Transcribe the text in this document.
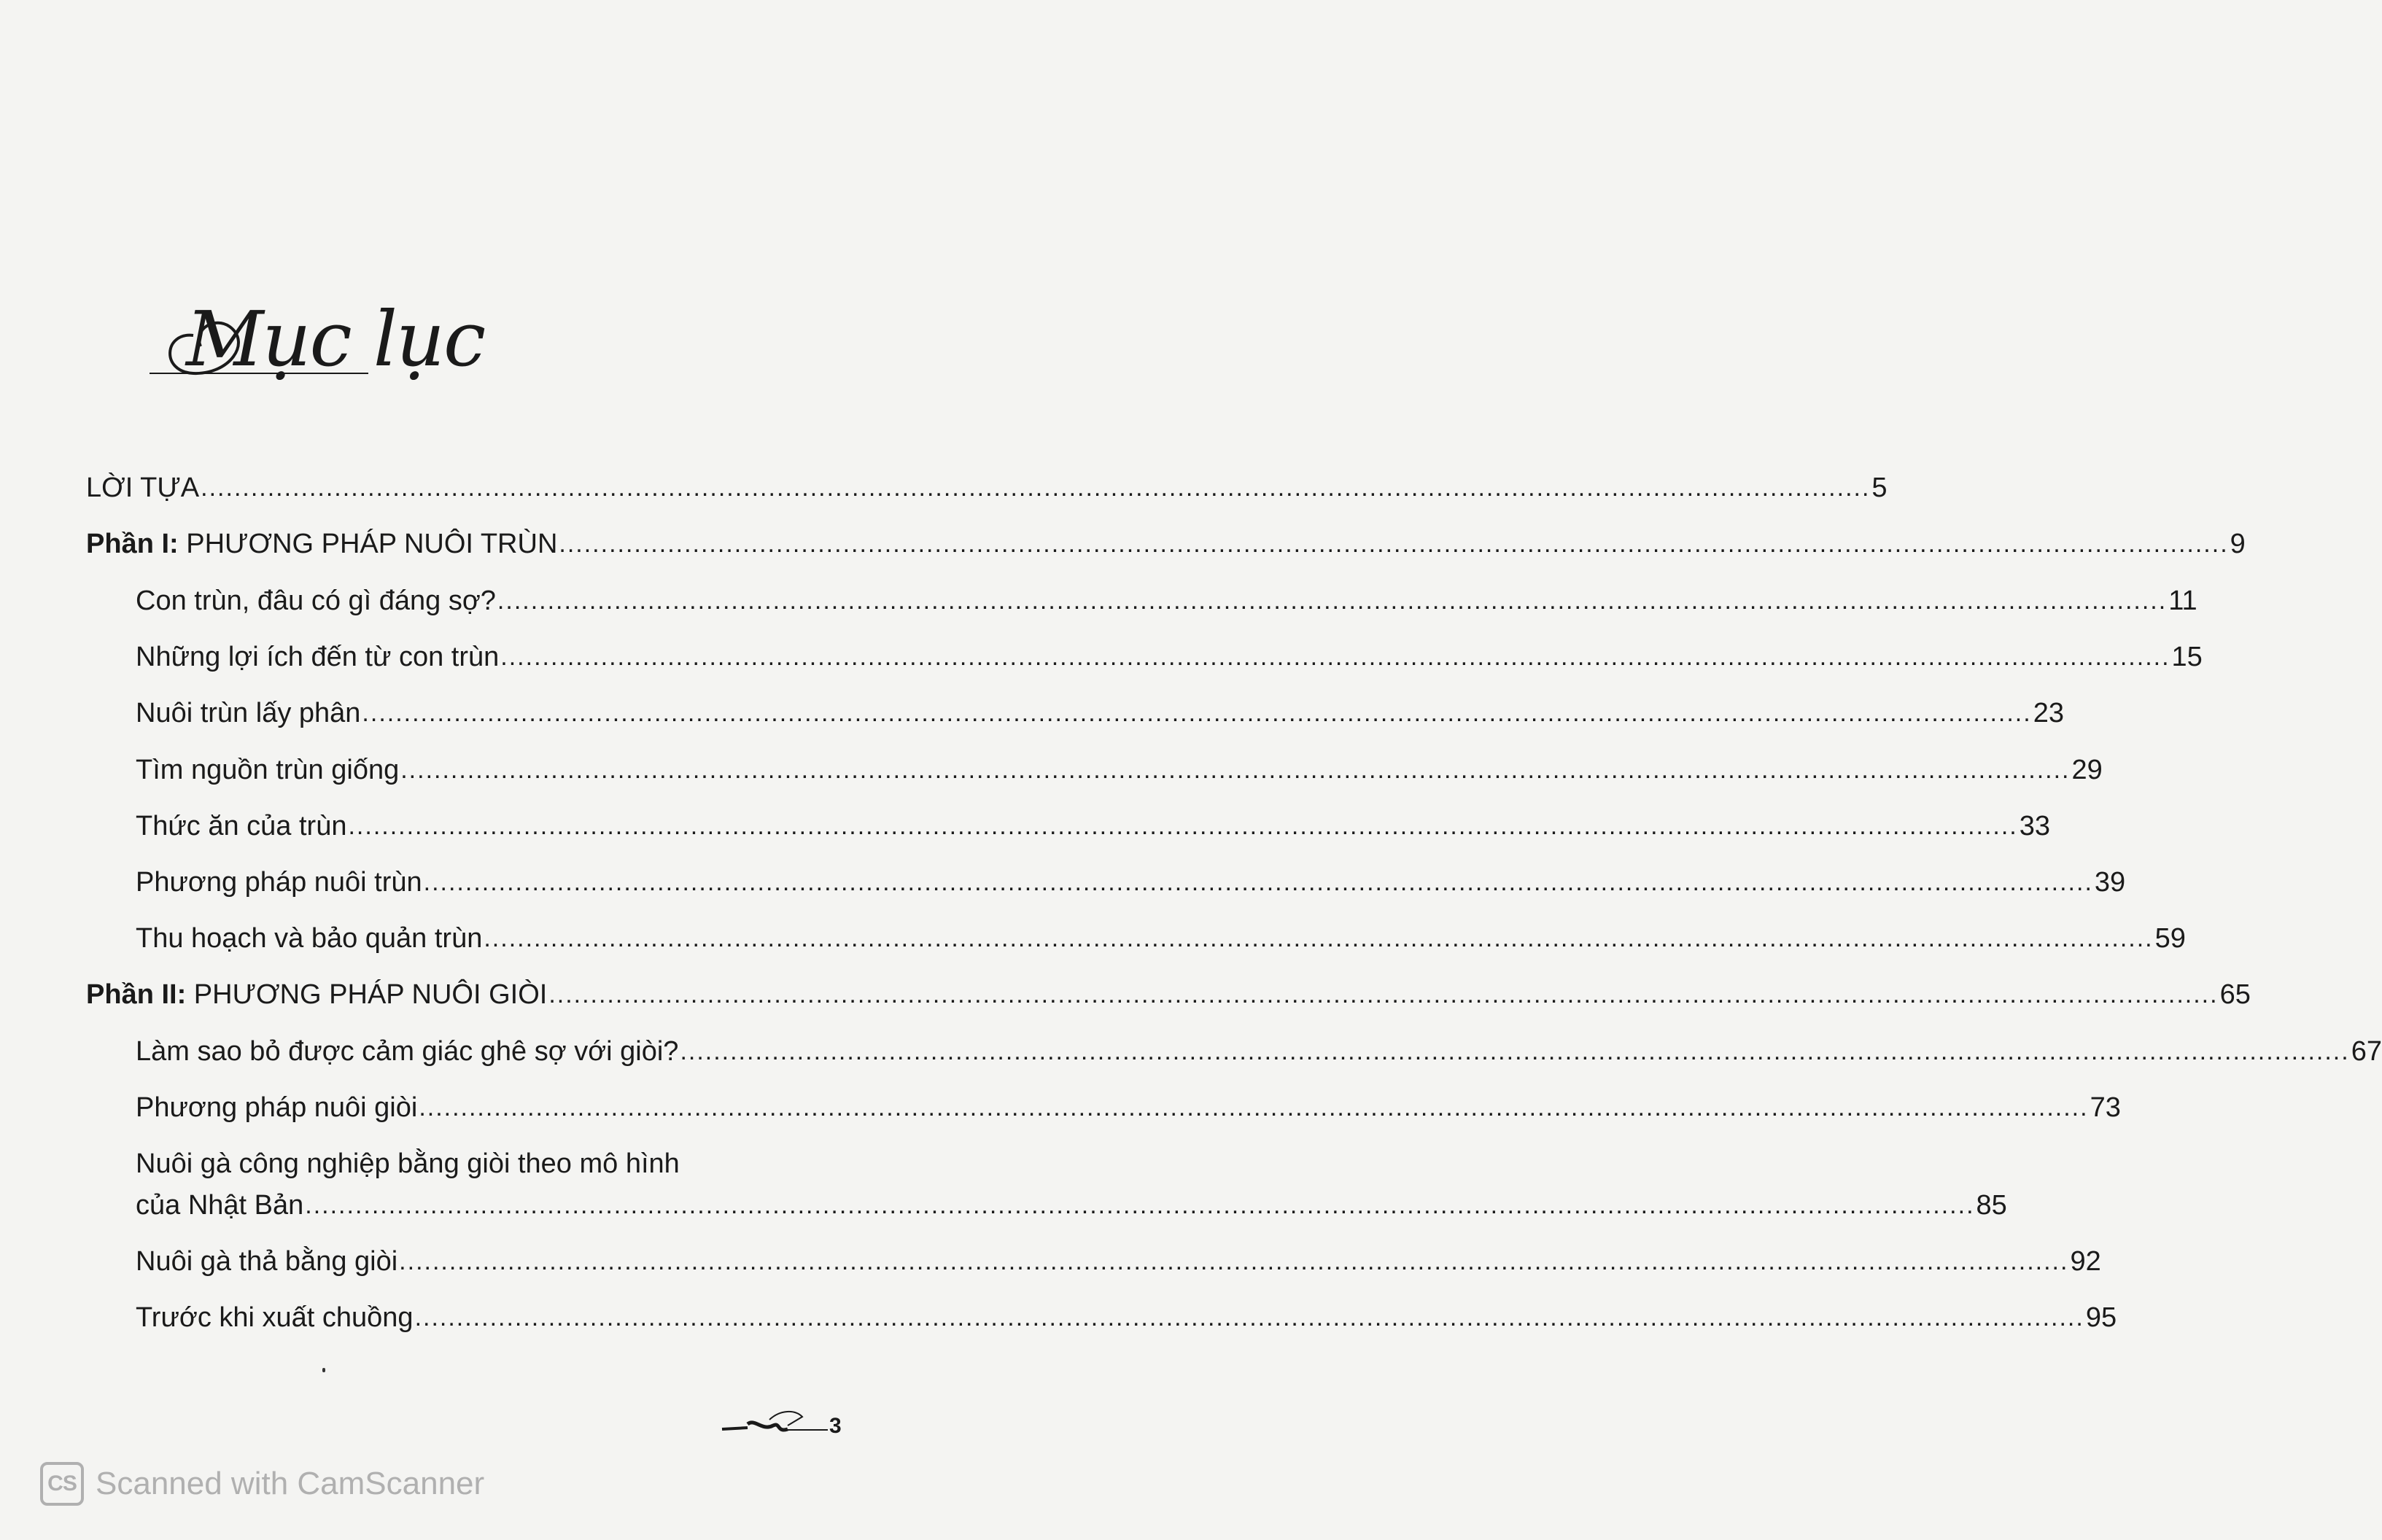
Mục lục
LỜI TỰA ........................................................................................................................................................................................................ 5
Phần I: PHƯƠNG PHÁP NUÔI TRÙN ........................................................................................................................................................................................................ 9
Con trùn, đâu có gì đáng sợ? ........................................................................................................................................................................................................ 11
Những lợi ích đến từ con trùn ........................................................................................................................................................................................................ 15
Nuôi trùn lấy phân ........................................................................................................................................................................................................ 23
Tìm nguồn trùn giống ........................................................................................................................................................................................................ 29
Thức ăn của trùn ........................................................................................................................................................................................................ 33
Phương pháp nuôi trùn ........................................................................................................................................................................................................ 39
Thu hoạch và bảo quản trùn ........................................................................................................................................................................................................ 59
Phần II: PHƯƠNG PHÁP NUÔI GIÒI ........................................................................................................................................................................................................ 65
Làm sao bỏ được cảm giác ghê sợ với giòi? ........................................................................................................................................................................................................ 67
Phương pháp nuôi giòi ........................................................................................................................................................................................................ 73
Nuôi gà công nghiệp bằng giòi theo mô hình
của Nhật Bản ........................................................................................................................................................................................................ 85
Nuôi gà thả bằng giòi ........................................................................................................................................................................................................ 92
Trước khi xuất chuồng ........................................................................................................................................................................................................ 95
3
CS Scanned with CamScanner
